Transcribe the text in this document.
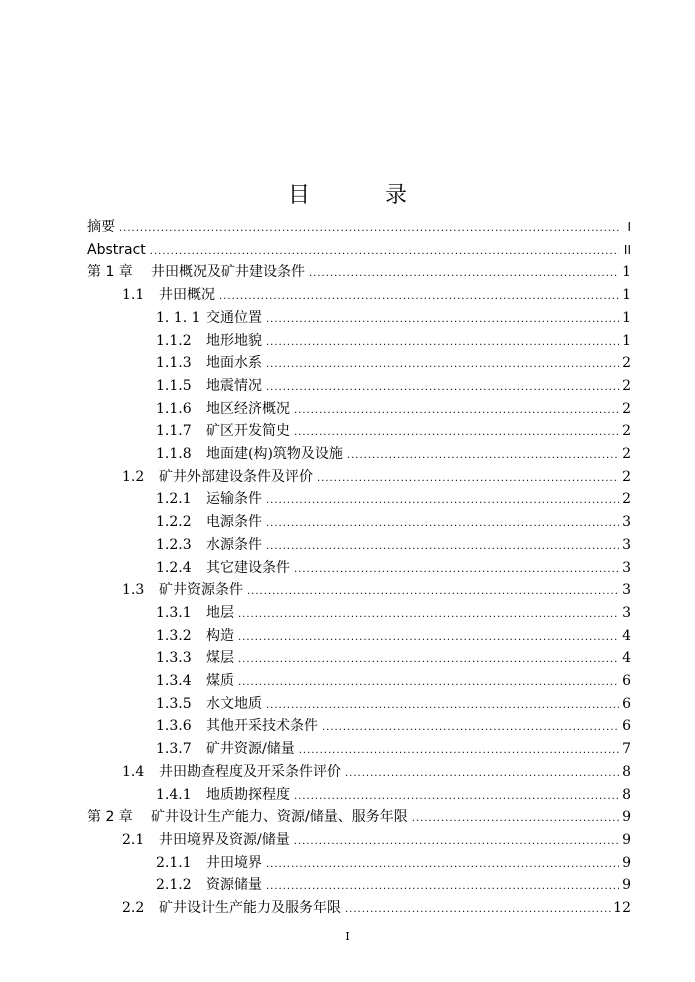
目 录
摘要 .....	I
Abstract .....	II
第 1 章	井田概况及矿井建设条件 .....	1
1.1	井田概况 .....	1
1. 1. 1 交通位置 .....	1
1.1.2	地形地貌 .....	1
1.1.3	地面水系 .....	2
1.1.5	地震情况 .....	2
1.1.6	地区经济概况 .....	2
1.1.7	矿区开发简史 .....	2
1.1.8	地面建(构)筑物及设施 .....	2
1.2	矿井外部建设条件及评价 .....	2
1.2.1	运输条件 .....	2
1.2.2	电源条件 .....	3
1.2.3	水源条件 .....	3
1.2.4	其它建设条件 .....	3
1.3	矿井资源条件 .....	3
1.3.1	地层 .....	3
1.3.2	构造 .....	4
1.3.3	煤层 .....	4
1.3.4	煤质 .....	6
1.3.5	水文地质 .....	6
1.3.6	其他开采技术条件 .....	6
1.3.7	矿井资源/储量 .....	7
1.4	井田勘查程度及开采条件评价 .....	8
1.4.1	地质勘探程度 .....	8
第 2 章	矿井设计生产能力、资源/储量、服务年限 .....	9
2.1	井田境界及资源/储量 .....	9
2.1.1	井田境界 .....	9
2.1.2	资源储量 .....	9
2.2	矿井设计生产能力及服务年限 .....	12
I
